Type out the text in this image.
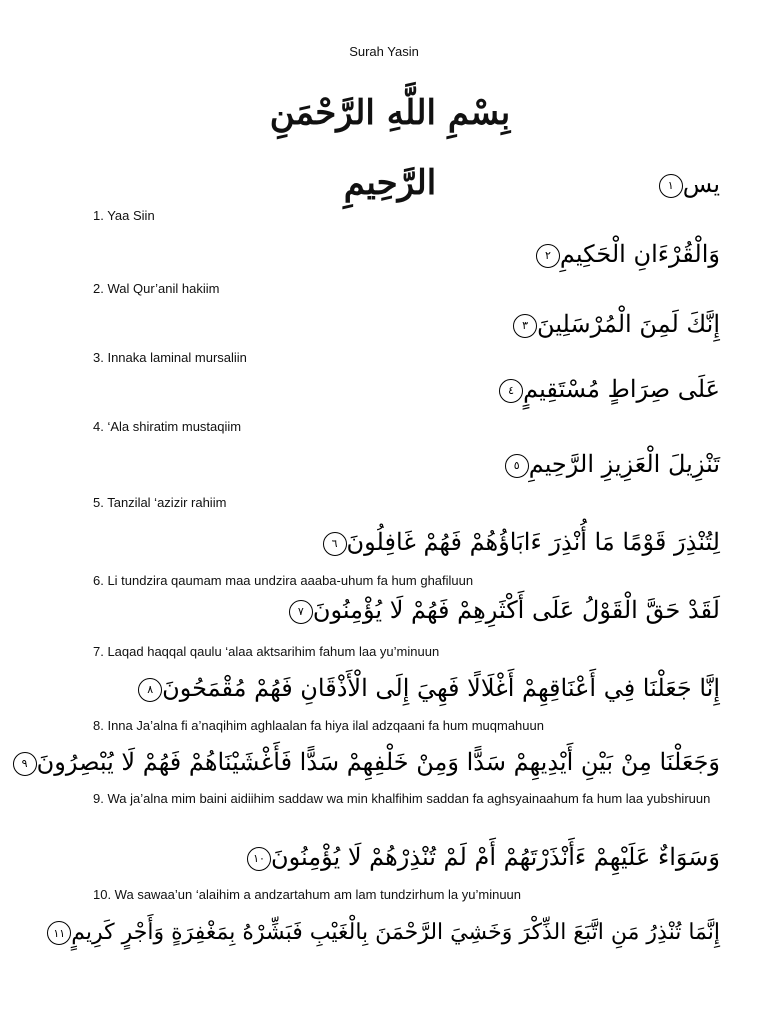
Surah Yasin
بِسْمِ اللَّهِ الرَّحْمَنِ الرَّحِيمِ	يس١
1. Yaa Siin
وَالْقُرْءَانِ الْحَكِيمِ٢
2. Wal Qur’anil hakiim
إِنَّكَ لَمِنَ الْمُرْسَلِينَ٣
3. Innaka laminal mursaliin
عَلَى صِرَاطٍ مُسْتَقِيمٍ٤
4. ‘Ala shiratim mustaqiim
تَنْزِيلَ الْعَزِيزِ الرَّحِيمِ٥
5. Tanzilal ‘azizir rahiim
لِتُنْذِرَ قَوْمًا مَا أُنْذِرَ ءَابَاؤُهُمْ فَهُمْ غَافِلُونَ٦
6. Li tundzira qaumam maa undzira aaaba-uhum fa hum ghafiluun
لَقَدْ حَقَّ الْقَوْلُ عَلَى أَكْثَرِهِمْ فَهُمْ لَا يُؤْمِنُونَ٧
7. Laqad haqqal qaulu ‘alaa aktsarihim fahum laa yu’minuun
إِنَّا جَعَلْنَا فِي أَعْنَاقِهِمْ أَغْلَالًا فَهِيَ إِلَى الْأَذْقَانِ فَهُمْ مُقْمَحُونَ٨
8. Inna Ja’alna fi a’naqihim aghlaalan fa hiya ilal adzqaani fa hum muqmahuun
وَجَعَلْنَا مِنْ بَيْنِ أَيْدِيهِمْ سَدًّا وَمِنْ خَلْفِهِمْ سَدًّا فَأَغْشَيْنَاهُمْ فَهُمْ لَا يُبْصِرُونَ٩
9. Wa ja’alna mim baini aidiihim saddaw wa min khalfihim saddan fa aghsyainaahum fa hum laa yubshiruun
وَسَوَاءٌ عَلَيْهِمْ ءَأَنْذَرْتَهُمْ أَمْ لَمْ تُنْذِرْهُمْ لَا يُؤْمِنُونَ١٠
10. Wa sawaa’un ‘alaihim a andzartahum am lam tundzirhum la yu’minuun
إِنَّمَا تُنْذِرُ مَنِ اتَّبَعَ الذِّكْرَ وَخَشِيَ الرَّحْمَنَ بِالْغَيْبِ فَبَشِّرْهُ بِمَغْفِرَةٍ وَأَجْرٍ كَرِيمٍ١١
